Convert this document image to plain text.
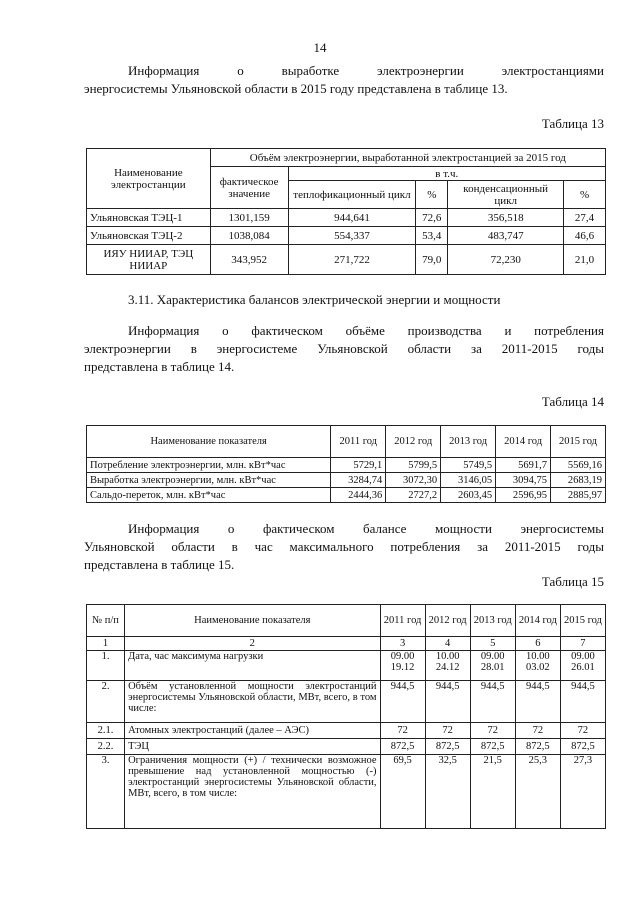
14
Информация о выработке электроэнергии электростанциями
энергосистемы Ульяновской области в 2015 году представлена в таблице 13.
Таблица 13
Наименование электростанции	Объём электроэнергии, выработанной электростанцией за 2015 год				
	фактическое значение	в т.ч.			
		теплофикационный цикл	%	конденсационный цикл	%
Ульяновская ТЭЦ-1	1301,159	944,641	72,6	356,518	27,4
Ульяновская ТЭЦ-2	1038,084	554,337	53,4	483,747	46,6
ИЯУ НИИАР, ТЭЦ НИИАР	343,952	271,722	79,0	72,230	21,0
3.11. Характеристика балансов электрической энергии и мощности
Информация о фактическом объёме производства и потребления
электроэнергии в энергосистеме Ульяновской области за 2011-2015 годы
представлена в таблице 14.
Таблица 14
Наименование показателя	2011 год	2012 год	2013 год	2014 год	2015 год
Потребление электроэнергии, млн. кВт*час	5729,1	5799,5	5749,5	5691,7	5569,16
Выработка электроэнергии, млн. кВт*час	3284,74	3072,30	3146,05	3094,75	2683,19
Сальдо-переток, млн. кВт*час	2444,36	2727,2	2603,45	2596,95	2885,97
Информация о фактическом балансе мощности энергосистемы
Ульяновской области в час максимального потребления за 2011-2015 годы
представлена в таблице 15.
Таблица 15
№ п/п	Наименование показателя	2011 год	2012 год	2013 год	2014 год	2015 год
1	2	3	4	5	6	7
1.	Дата, час максимума нагрузки	09.00 19.12	10.00 24.12	09.00 28.01	10.00 03.02	09.00 26.01
2.	Объём установленной мощности электростанций энергосистемы Ульяновской области, МВт, всего, в том числе:	944,5	944,5	944,5	944,5	944,5
2.1.	Атомных электростанций (далее – АЭС)	72	72	72	72	72
2.2.	ТЭЦ	872,5	872,5	872,5	872,5	872,5
3.	Ограничения мощности (+) / технически возможное превышение над установленной мощностью (-) электростанций энергосистемы Ульяновской области, МВт, всего, в том числе:	69,5	32,5	21,5	25,3	27,3
